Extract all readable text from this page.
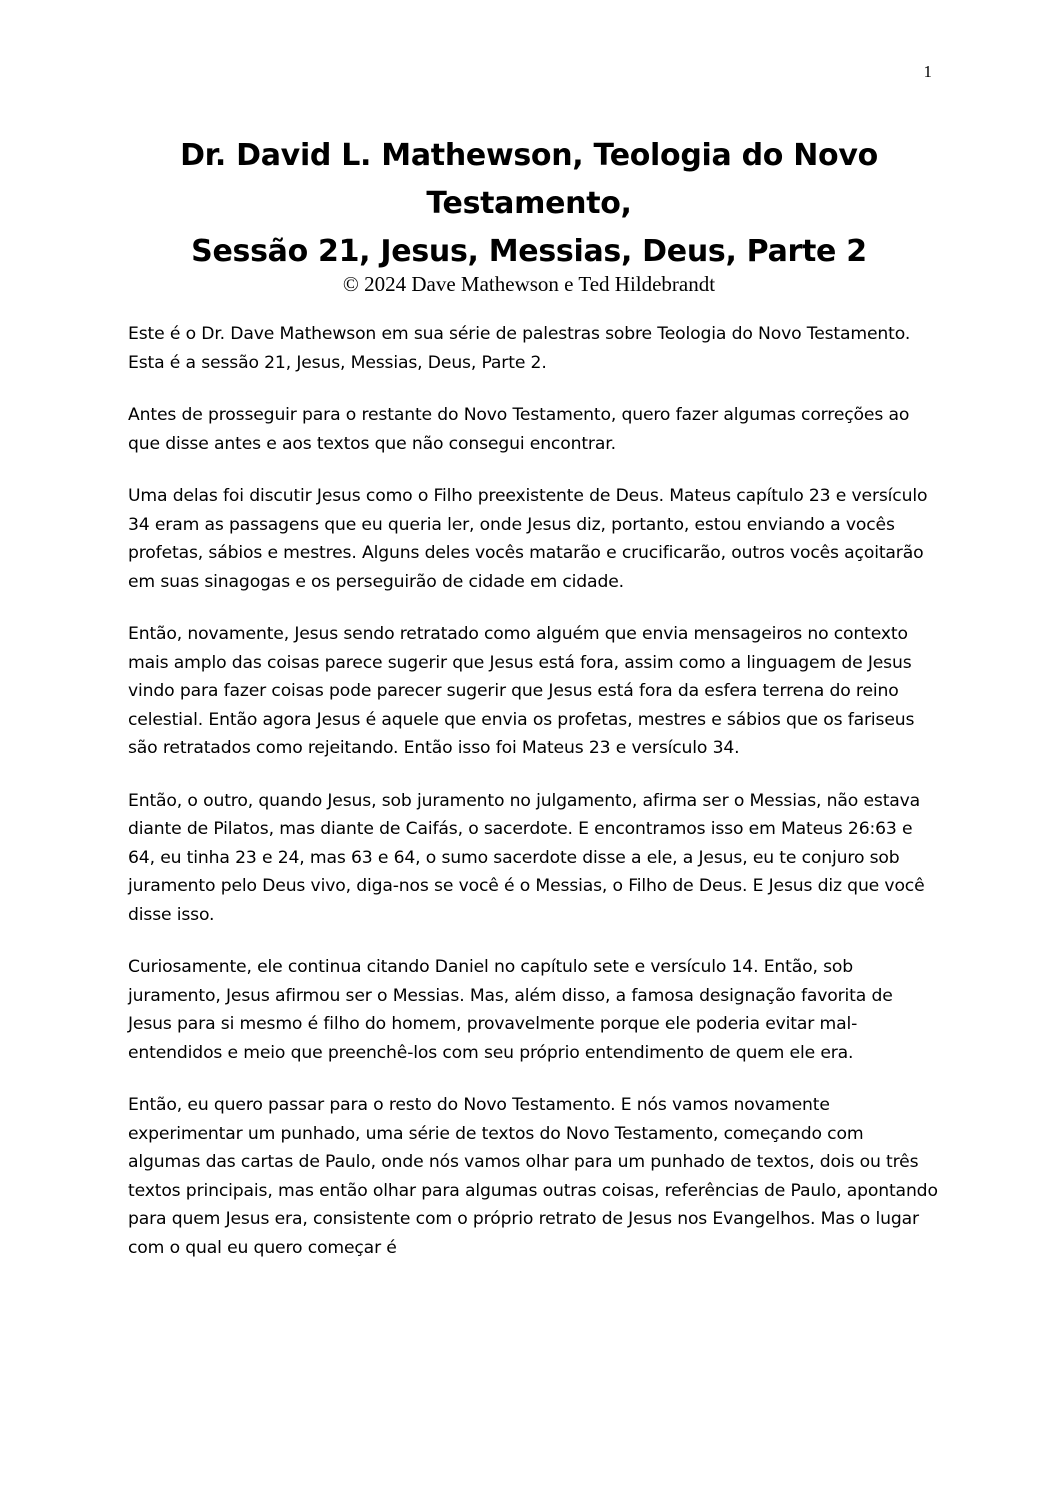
1
Dr. David L. Mathewson, Teologia do Novo
Testamento,
Sessão 21, Jesus, Messias, Deus, Parte 2
© 2024 Dave Mathewson e Ted Hildebrandt

Este é o Dr. Dave Mathewson em sua série de palestras sobre Teologia do Novo Testamento. Esta é a sessão 21, Jesus, Messias, Deus, Parte 2.

Antes de prosseguir para o restante do Novo Testamento, quero fazer algumas correções ao que disse antes e aos textos que não consegui encontrar.

Uma delas foi discutir Jesus como o Filho preexistente de Deus. Mateus capítulo 23 e versículo 34 eram as passagens que eu queria ler, onde Jesus diz, portanto, estou enviando a vocês profetas, sábios e mestres. Alguns deles vocês matarão e crucificarão, outros vocês açoitarão em suas sinagogas e os perseguirão de cidade em cidade.

Então, novamente, Jesus sendo retratado como alguém que envia mensageiros no contexto mais amplo das coisas parece sugerir que Jesus está fora, assim como a linguagem de Jesus vindo para fazer coisas pode parecer sugerir que Jesus está fora da esfera terrena do reino celestial. Então agora Jesus é aquele que envia os profetas, mestres e sábios que os fariseus são retratados como rejeitando. Então isso foi Mateus 23 e versículo 34.

Então, o outro, quando Jesus, sob juramento no julgamento, afirma ser o Messias, não estava diante de Pilatos, mas diante de Caifás, o sacerdote. E encontramos isso em Mateus 26:63 e 64, eu tinha 23 e 24, mas 63 e 64, o sumo sacerdote disse a ele, a Jesus, eu te conjuro sob juramento pelo Deus vivo, diga-nos se você é o Messias, o Filho de Deus. E Jesus diz que você disse isso.

Curiosamente, ele continua citando Daniel no capítulo sete e versículo 14. Então, sob juramento, Jesus afirmou ser o Messias. Mas, além disso, a famosa designação favorita de Jesus para si mesmo é filho do homem, provavelmente porque ele poderia evitar mal-entendidos e meio que preenchê-los com seu próprio entendimento de quem ele era.

Então, eu quero passar para o resto do Novo Testamento. E nós vamos novamente experimentar um punhado, uma série de textos do Novo Testamento, começando com algumas das cartas de Paulo, onde nós vamos olhar para um punhado de textos, dois ou três textos principais, mas então olhar para algumas outras coisas, referências de Paulo, apontando para quem Jesus era, consistente com o próprio retrato de Jesus nos Evangelhos. Mas o lugar com o qual eu quero começar é
